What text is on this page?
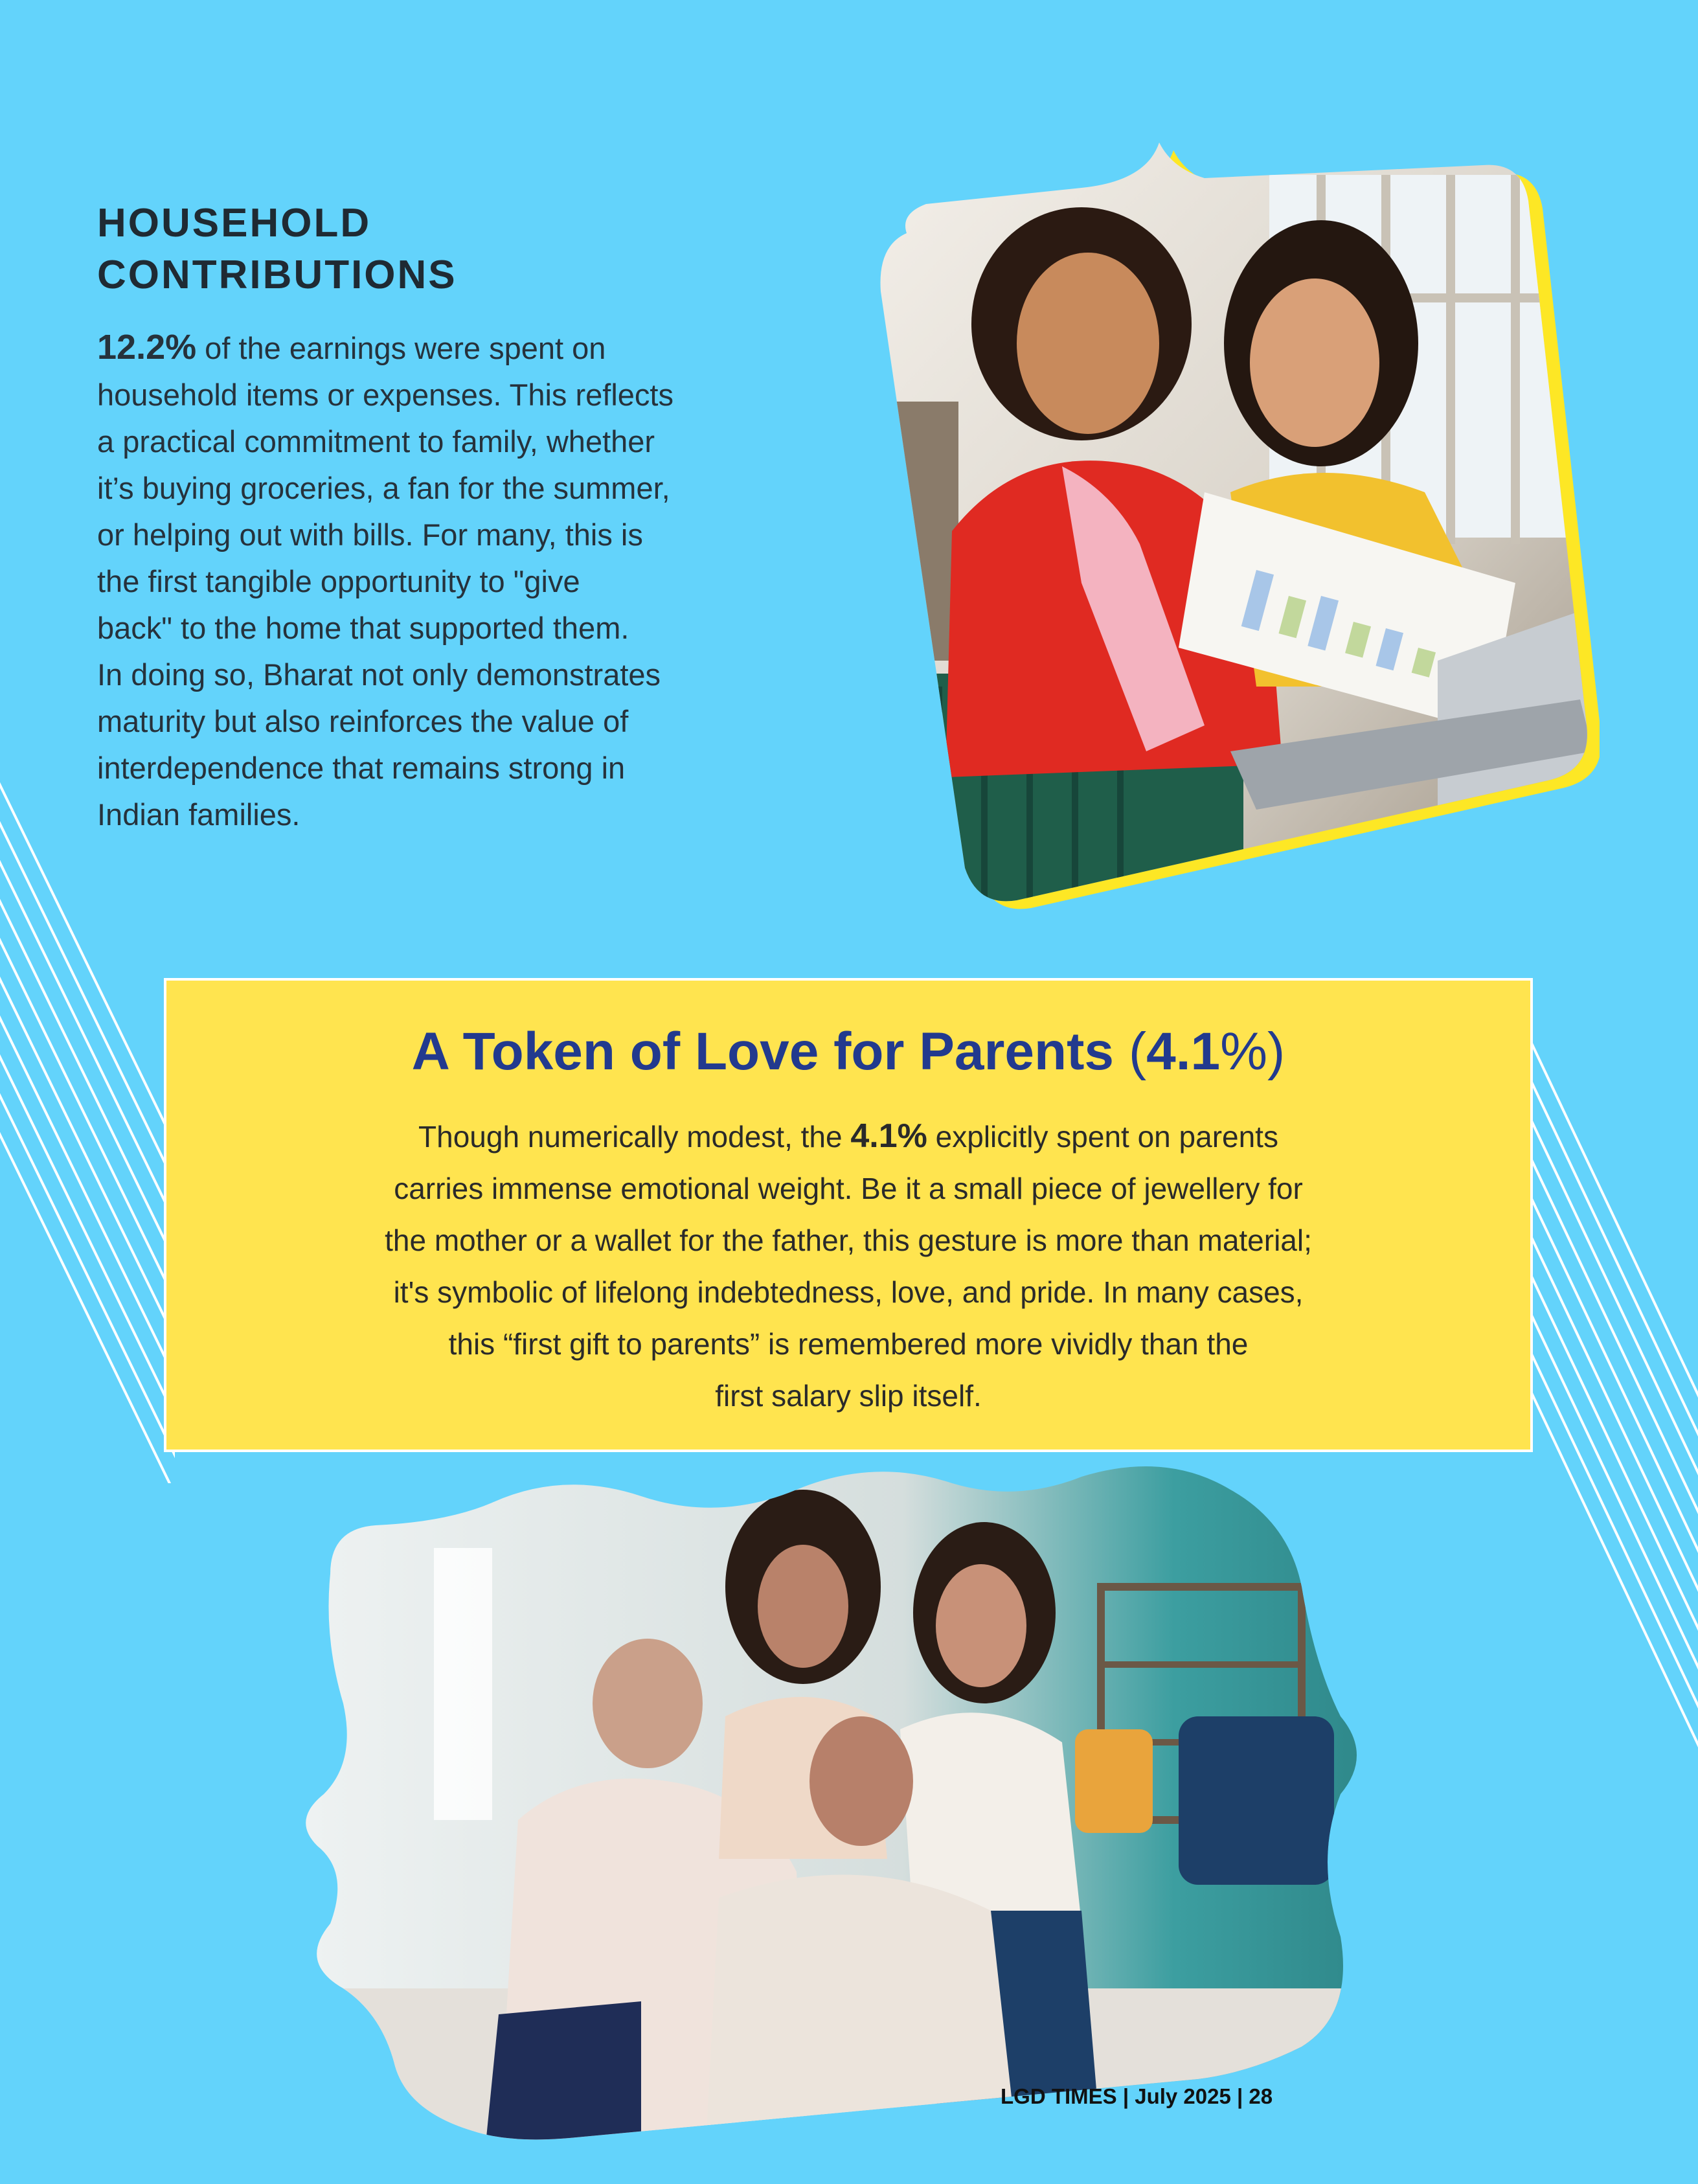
HOUSEHOLD
CONTRIBUTIONS

12.2% of the earnings were spent on
household items or expenses. This reflects
a practical commitment to family, whether
it’s buying groceries, a fan for the summer,
or helping out with bills. For many, this is
the first tangible opportunity to "give
back" to the home that supported them.
In doing so, Bharat not only demonstrates
maturity but also reinforces the value of
interdependence that remains strong in
Indian families.

A Token of Love for Parents (4.1%)

Though numerically modest, the 4.1% explicitly spent on parents
carries immense emotional weight. Be it a small piece of jewellery for
the mother or a wallet for the father, this gesture is more than material;
it's symbolic of lifelong indebtedness, love, and pride. In many cases,
this “first gift to parents” is remembered more vividly than the
first salary slip itself.

LGD TIMES | July 2025 | 28
